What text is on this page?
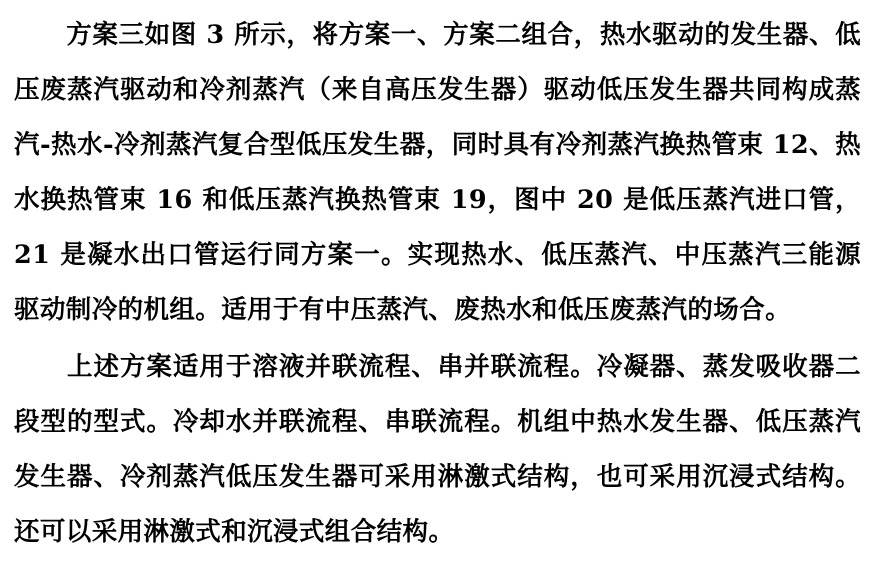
　　方案三如图 3 所示，将方案一、方案二组合，热水驱动的发生器、低压废蒸汽驱动和冷剂蒸汽（来自高压发生器）驱动低压发生器共同构成蒸汽-热水-冷剂蒸汽复合型低压发生器，同时具有冷剂蒸汽换热管束 12、热水换热管束 16 和低压蒸汽换热管束 19，图中 20 是低压蒸汽进口管，21 是凝水出口管运行同方案一。实现热水、低压蒸汽、中压蒸汽三能源驱动制冷的机组。适用于有中压蒸汽、废热水和低压废蒸汽的场合。

　　上述方案适用于溶液并联流程、串并联流程。冷凝器、蒸发吸收器二段型的型式。冷却水并联流程、串联流程。机组中热水发生器、低压蒸汽发生器、冷剂蒸汽低压发生器可采用淋激式结构，也可采用沉浸式结构。还可以采用淋激式和沉浸式组合结构。
